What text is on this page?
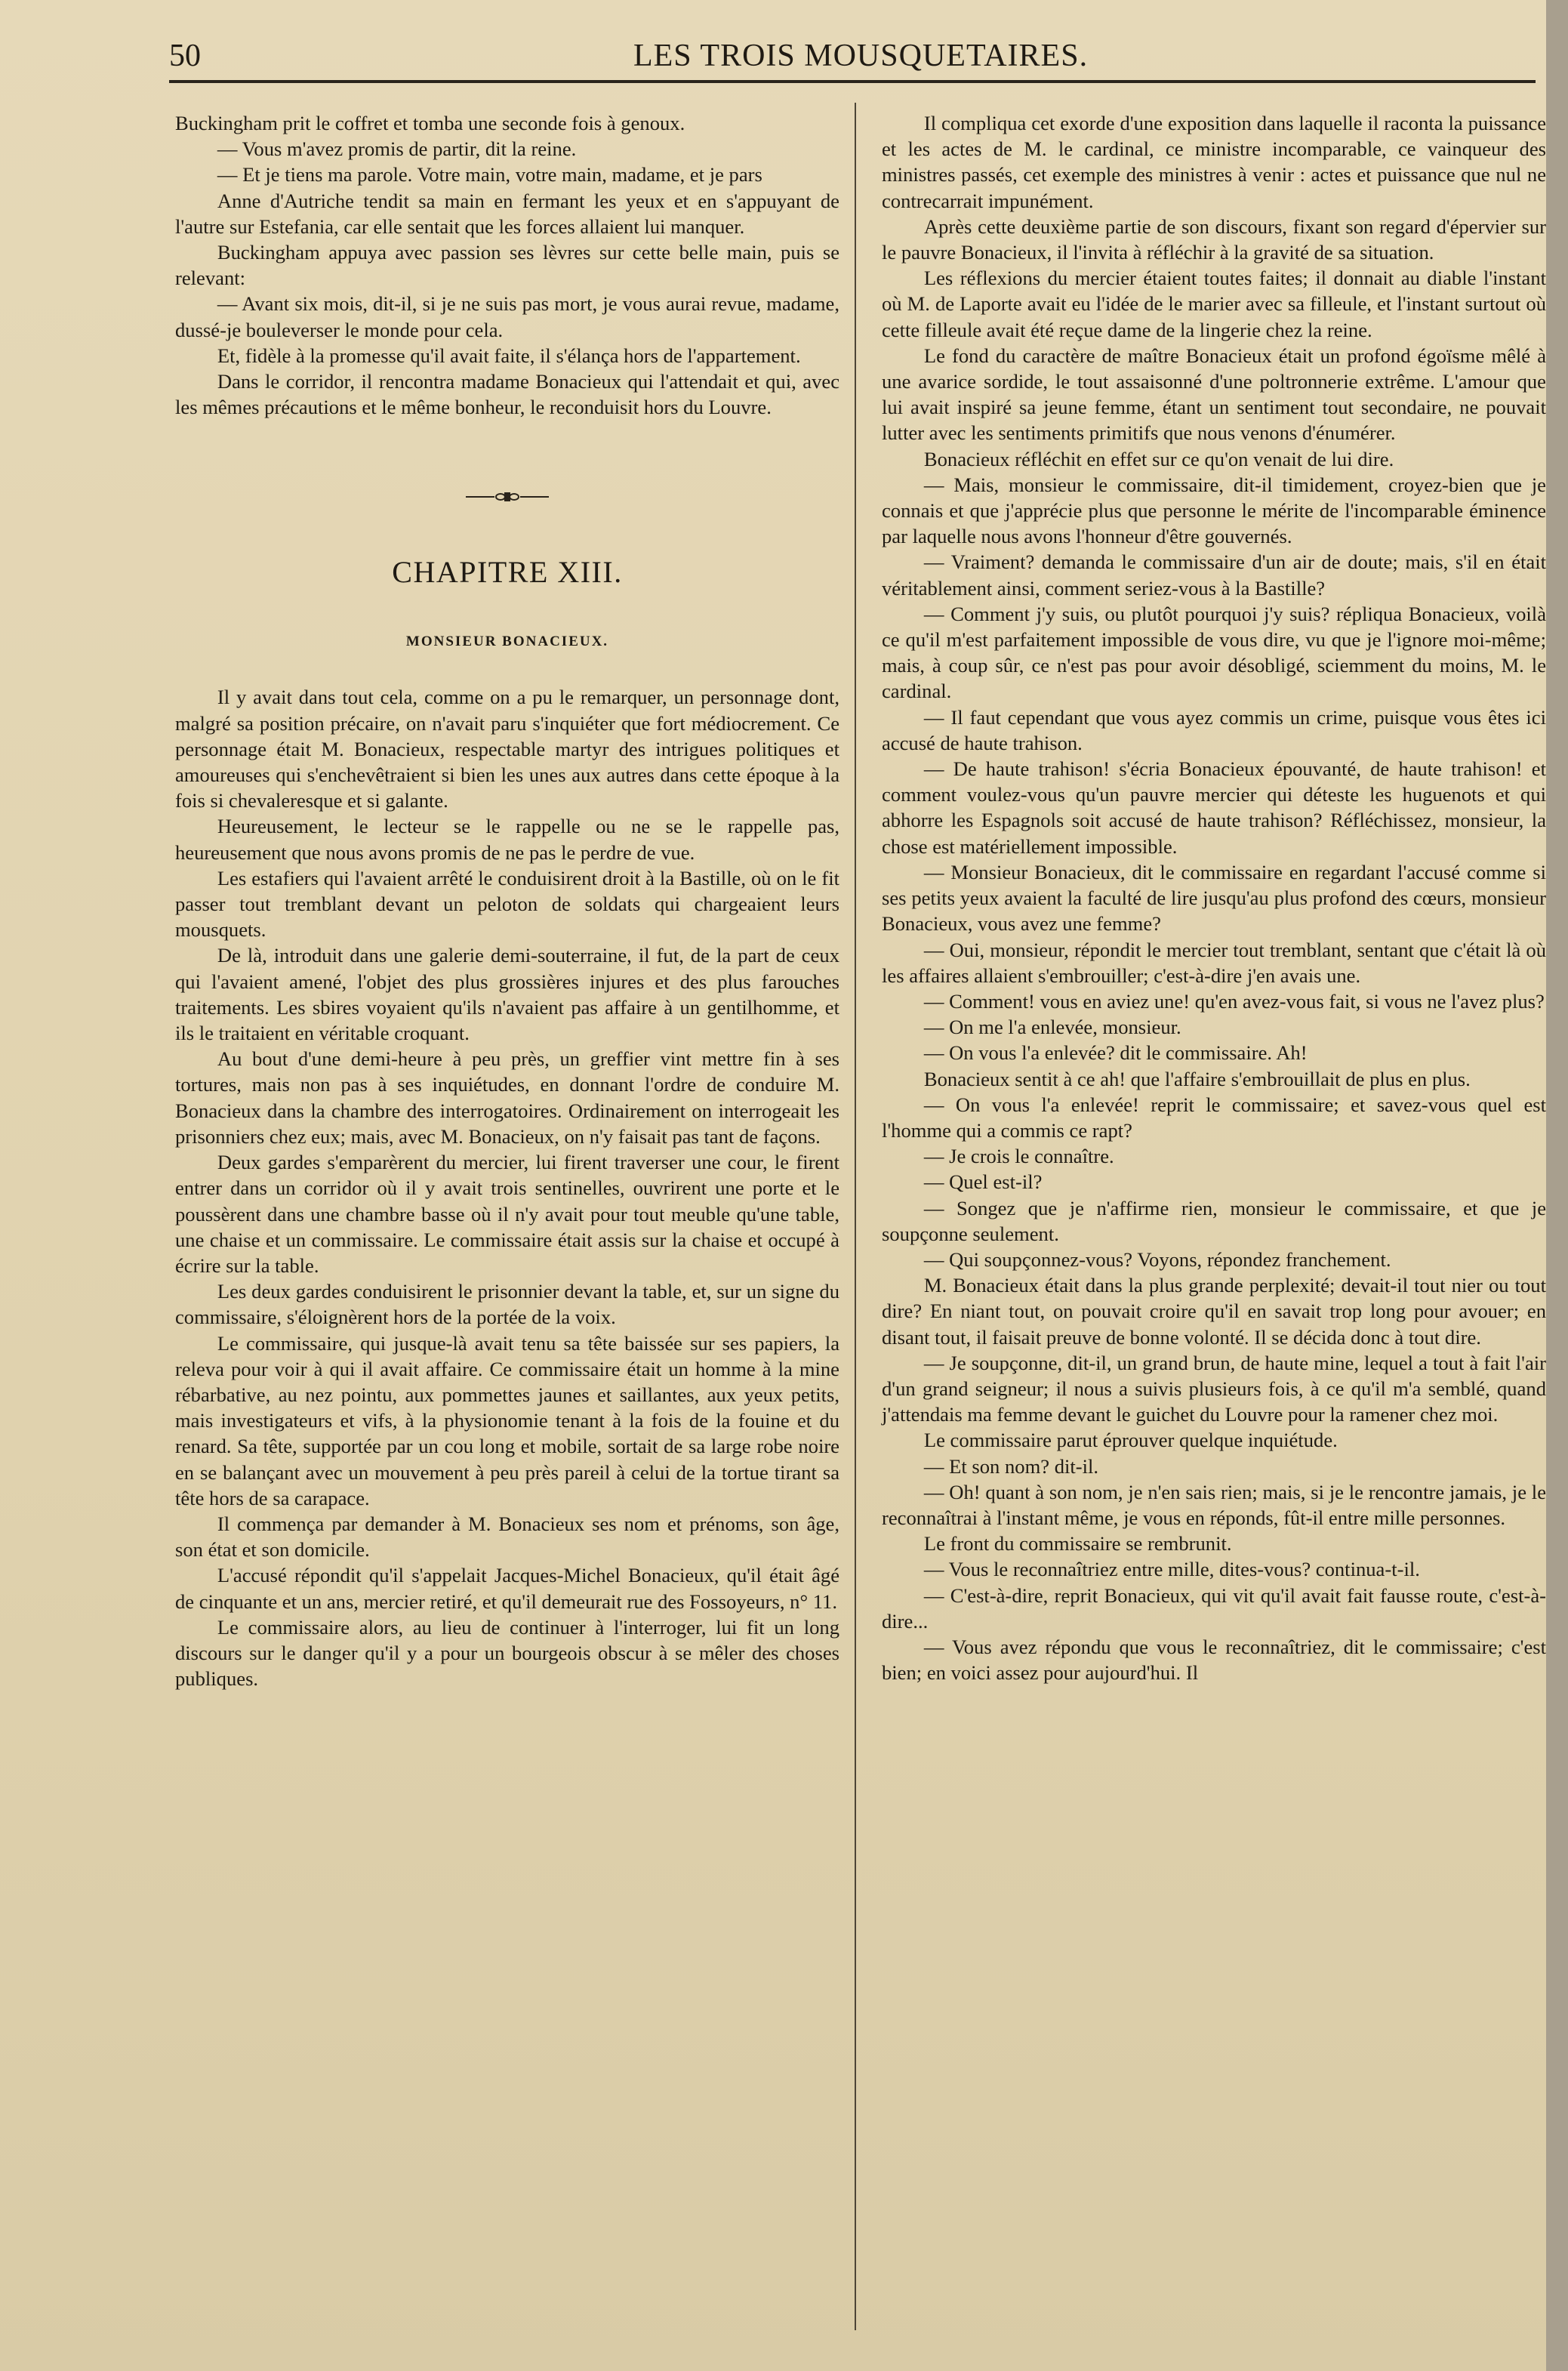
50	LES TROIS MOUSQUETAIRES.

Buckingham prit le coffret et tomba une seconde fois à genoux.

— Vous m'avez promis de partir, dit la reine.

— Et je tiens ma parole. Votre main, votre main, madame, et je pars

Anne d'Autriche tendit sa main en fermant les yeux et en s'appuyant de l'autre sur Estefania, car elle sentait que les forces allaient lui manquer.

Buckingham appuya avec passion ses lèvres sur cette belle main, puis se relevant:

— Avant six mois, dit-il, si je ne suis pas mort, je vous aurai revue, madame, dussé-je bouleverser le monde pour cela.

Et, fidèle à la promesse qu'il avait faite, il s'élança hors de l'appartement.

Dans le corridor, il rencontra madame Bonacieux qui l'attendait et qui, avec les mêmes précautions et le même bonheur, le reconduisit hors du Louvre.

CHAPITRE XIII.
MONSIEUR BONACIEUX.

Il y avait dans tout cela, comme on a pu le remarquer, un personnage dont, malgré sa position précaire, on n'avait paru s'inquiéter que fort médiocrement. Ce personnage était M. Bonacieux, respectable martyr des intrigues politiques et amoureuses qui s'enchevêtraient si bien les unes aux autres dans cette époque à la fois si chevaleresque et si galante.

Heureusement, le lecteur se le rappelle ou ne se le rappelle pas, heureusement que nous avons promis de ne pas le perdre de vue.

Les estafiers qui l'avaient arrêté le conduisirent droit à la Bastille, où on le fit passer tout tremblant devant un peloton de soldats qui chargeaient leurs mousquets.

De là, introduit dans une galerie demi-souterraine, il fut, de la part de ceux qui l'avaient amené, l'objet des plus grossières injures et des plus farouches traitements. Les sbires voyaient qu'ils n'avaient pas affaire à un gentilhomme, et ils le traitaient en véritable croquant.

Au bout d'une demi-heure à peu près, un greffier vint mettre fin à ses tortures, mais non pas à ses inquiétudes, en donnant l'ordre de conduire M. Bonacieux dans la chambre des interrogatoires. Ordinairement on interrogeait les prisonniers chez eux; mais, avec M. Bonacieux, on n'y faisait pas tant de façons.

Deux gardes s'emparèrent du mercier, lui firent traverser une cour, le firent entrer dans un corridor où il y avait trois sentinelles, ouvrirent une porte et le poussèrent dans une chambre basse où il n'y avait pour tout meuble qu'une table, une chaise et un commissaire. Le commissaire était assis sur la chaise et occupé à écrire sur la table.

Les deux gardes conduisirent le prisonnier devant la table, et, sur un signe du commissaire, s'éloignèrent hors de la portée de la voix.

Le commissaire, qui jusque-là avait tenu sa tête baissée sur ses papiers, la releva pour voir à qui il avait affaire. Ce commissaire était un homme à la mine rébarbative, au nez pointu, aux pommettes jaunes et saillantes, aux yeux petits, mais investigateurs et vifs, à la physionomie tenant à la fois de la fouine et du renard. Sa tête, supportée par un cou long et mobile, sortait de sa large robe noire en se balançant avec un mouvement à peu près pareil à celui de la tortue tirant sa tête hors de sa carapace.

Il commença par demander à M. Bonacieux ses nom et prénoms, son âge, son état et son domicile.

L'accusé répondit qu'il s'appelait Jacques-Michel Bonacieux, qu'il était âgé de cinquante et un ans, mercier retiré, et qu'il demeurait rue des Fossoyeurs, n° 11.

Le commissaire alors, au lieu de continuer à l'interroger, lui fit un long discours sur le danger qu'il y a pour un bourgeois obscur à se mêler des choses publiques.

Il compliqua cet exorde d'une exposition dans laquelle il raconta la puissance et les actes de M. le cardinal, ce ministre incomparable, ce vainqueur des ministres passés, cet exemple des ministres à venir : actes et puissance que nul ne contrecarrait impunément.

Après cette deuxième partie de son discours, fixant son regard d'épervier sur le pauvre Bonacieux, il l'invita à réfléchir à la gravité de sa situation.

Les réflexions du mercier étaient toutes faites; il donnait au diable l'instant où M. de Laporte avait eu l'idée de le marier avec sa filleule, et l'instant surtout où cette filleule avait été reçue dame de la lingerie chez la reine.

Le fond du caractère de maître Bonacieux était un profond égoïsme mêlé à une avarice sordide, le tout assaisonné d'une poltronnerie extrême. L'amour que lui avait inspiré sa jeune femme, étant un sentiment tout secondaire, ne pouvait lutter avec les sentiments primitifs que nous venons d'énumérer.

Bonacieux réfléchit en effet sur ce qu'on venait de lui dire.

— Mais, monsieur le commissaire, dit-il timidement, croyez-bien que je connais et que j'apprécie plus que personne le mérite de l'incomparable éminence par laquelle nous avons l'honneur d'être gouvernés.

— Vraiment? demanda le commissaire d'un air de doute; mais, s'il en était véritablement ainsi, comment seriez-vous à la Bastille?

— Comment j'y suis, ou plutôt pourquoi j'y suis? répliqua Bonacieux, voilà ce qu'il m'est parfaitement impossible de vous dire, vu que je l'ignore moi-même; mais, à coup sûr, ce n'est pas pour avoir désobligé, sciemment du moins, M. le cardinal.

— Il faut cependant que vous ayez commis un crime, puisque vous êtes ici accusé de haute trahison.

— De haute trahison! s'écria Bonacieux épouvanté, de haute trahison! et comment voulez-vous qu'un pauvre mercier qui déteste les huguenots et qui abhorre les Espagnols soit accusé de haute trahison? Réfléchissez, monsieur, la chose est matériellement impossible.

— Monsieur Bonacieux, dit le commissaire en regardant l'accusé comme si ses petits yeux avaient la faculté de lire jusqu'au plus profond des cœurs, monsieur Bonacieux, vous avez une femme?

— Oui, monsieur, répondit le mercier tout tremblant, sentant que c'était là où les affaires allaient s'embrouiller; c'est-à-dire j'en avais une.

— Comment! vous en aviez une! qu'en avez-vous fait, si vous ne l'avez plus?

— On me l'a enlevée, monsieur.

— On vous l'a enlevée? dit le commissaire. Ah!

Bonacieux sentit à ce ah! que l'affaire s'embrouillait de plus en plus.

— On vous l'a enlevée! reprit le commissaire; et savez-vous quel est l'homme qui a commis ce rapt?

— Je crois le connaître.

— Quel est-il?

— Songez que je n'affirme rien, monsieur le commissaire, et que je soupçonne seulement.

— Qui soupçonnez-vous? Voyons, répondez franchement.

M. Bonacieux était dans la plus grande perplexité; devait-il tout nier ou tout dire? En niant tout, on pouvait croire qu'il en savait trop long pour avouer; en disant tout, il faisait preuve de bonne volonté. Il se décida donc à tout dire.

— Je soupçonne, dit-il, un grand brun, de haute mine, lequel a tout à fait l'air d'un grand seigneur; il nous a suivis plusieurs fois, à ce qu'il m'a semblé, quand j'attendais ma femme devant le guichet du Louvre pour la ramener chez moi.

Le commissaire parut éprouver quelque inquiétude.

— Et son nom? dit-il.

— Oh! quant à son nom, je n'en sais rien; mais, si je le rencontre jamais, je le reconnaîtrai à l'instant même, je vous en réponds, fût-il entre mille personnes.

Le front du commissaire se rembrunit.

— Vous le reconnaîtriez entre mille, dites-vous? continua-t-il.

— C'est-à-dire, reprit Bonacieux, qui vit qu'il avait fait fausse route, c'est-à-dire...

— Vous avez répondu que vous le reconnaîtriez, dit le commissaire; c'est bien; en voici assez pour aujourd'hui. Il
